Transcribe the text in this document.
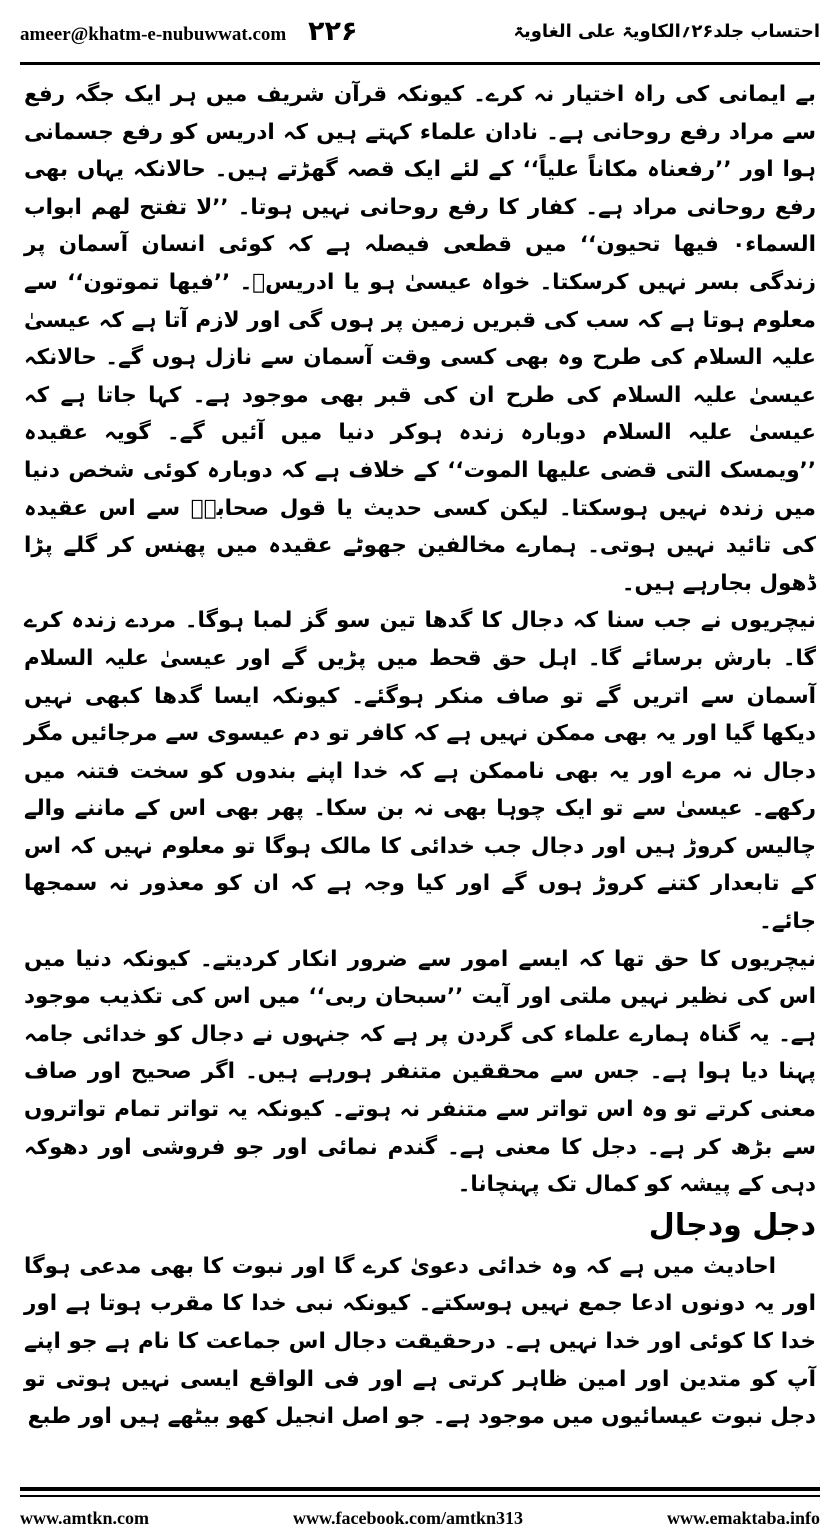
ameer@khatm-e-nubuwwat.com ۲۲۶	احتساب جلد۲۶؍الکاویۃ علی الغاویۃ

بے ایمانی کی راہ اختیار نہ کرے۔ کیونکہ قرآن شریف میں ہر ایک جگہ رفع سے مراد رفع روحانی ہے۔ نادان علماء کہتے ہیں کہ ادریس کو رفع جسمانی ہوا اور ’’رفعناہ مکاناً علیاً‘‘ کے لئے ایک قصہ گھڑتے ہیں۔ حالانکہ یہاں بھی رفع روحانی مراد ہے۔ کفار کا رفع روحانی نہیں ہوتا۔ ’’لا تفتح لھم ابواب السماء۰ فیھا تحیون‘‘ میں قطعی فیصلہ ہے کہ کوئی انسان آسمان پر زندگی بسر نہیں کرسکتا۔ خواہ عیسیٰ ہو یا ادریسؑ۔ ’’فیھا تموتون‘‘ سے معلوم ہوتا ہے کہ سب کی قبریں زمین پر ہوں گی اور لازم آتا ہے کہ عیسیٰ علیہ السلام کی طرح وہ بھی کسی وقت آسمان سے نازل ہوں گے۔ حالانکہ عیسیٰ علیہ السلام کی طرح ان کی قبر بھی موجود ہے۔ کہا جاتا ہے کہ عیسیٰ علیہ السلام دوبارہ زندہ ہوکر دنیا میں آئیں گے۔ گویہ عقیدہ ’’ویمسک التی قضی علیھا الموت‘‘ کے خلاف ہے کہ دوبارہ کوئی شخص دنیا میں زندہ نہیں ہوسکتا۔ لیکن کسی حدیث یا قول صحابہؓ سے اس عقیدہ کی تائید نہیں ہوتی۔ ہمارے مخالفین جھوٹے عقیدہ میں پھنس کر گلے پڑا ڈھول بجارہے ہیں۔

نیچریوں نے جب سنا کہ دجال کا گدھا تین سو گز لمبا ہوگا۔ مردے زندہ کرے گا۔ بارش برسائے گا۔ اہل حق قحط میں پڑیں گے اور عیسیٰ علیہ السلام آسمان سے اتریں گے تو صاف منکر ہوگئے۔ کیونکہ ایسا گدھا کبھی نہیں دیکھا گیا اور یہ بھی ممکن نہیں ہے کہ کافر تو دم عیسوی سے مرجائیں مگر دجال نہ مرے اور یہ بھی ناممکن ہے کہ خدا اپنے بندوں کو سخت فتنہ میں رکھے۔ عیسیٰ سے تو ایک چوہا بھی نہ بن سکا۔ پھر بھی اس کے ماننے والے چالیس کروڑ ہیں اور دجال جب خدائی کا مالک ہوگا تو معلوم نہیں کہ اس کے تابعدار کتنے کروڑ ہوں گے اور کیا وجہ ہے کہ ان کو معذور نہ سمجھا جائے۔

نیچریوں کا حق تھا کہ ایسے امور سے ضرور انکار کردیتے۔ کیونکہ دنیا میں اس کی نظیر نہیں ملتی اور آیت ’’سبحان ربی‘‘ میں اس کی تکذیب موجود ہے۔ یہ گناہ ہمارے علماء کی گردن پر ہے کہ جنہوں نے دجال کو خدائی جامہ پہنا دیا ہوا ہے۔ جس سے محققین متنفر ہورہے ہیں۔ اگر صحیح اور صاف معنی کرتے تو وہ اس تواتر سے متنفر نہ ہوتے۔ کیونکہ یہ تواتر تمام تواتروں سے بڑھ کر ہے۔ دجل کا معنی ہے۔ گندم نمائی اور جو فروشی اور دھوکہ دہی کے پیشہ کو کمال تک پہنچانا۔

دجل ودجال

احادیث میں ہے کہ وہ خدائی دعویٰ کرے گا اور نبوت کا بھی مدعی ہوگا اور یہ دونوں ادعا جمع نہیں ہوسکتے۔ کیونکہ نبی خدا کا مقرب ہوتا ہے اور خدا کا کوئی اور خدا نہیں ہے۔ درحقیقت دجال اس جماعت کا نام ہے جو اپنے آپ کو متدین اور امین ظاہر کرتی ہے اور فی الواقع ایسی نہیں ہوتی تو دجل نبوت عیسائیوں میں موجود ہے۔ جو اصل انجیل کھو بیٹھے ہیں اور طبع

www.amtkn.com	www.facebook.com/amtkn313	www.emaktaba.info
